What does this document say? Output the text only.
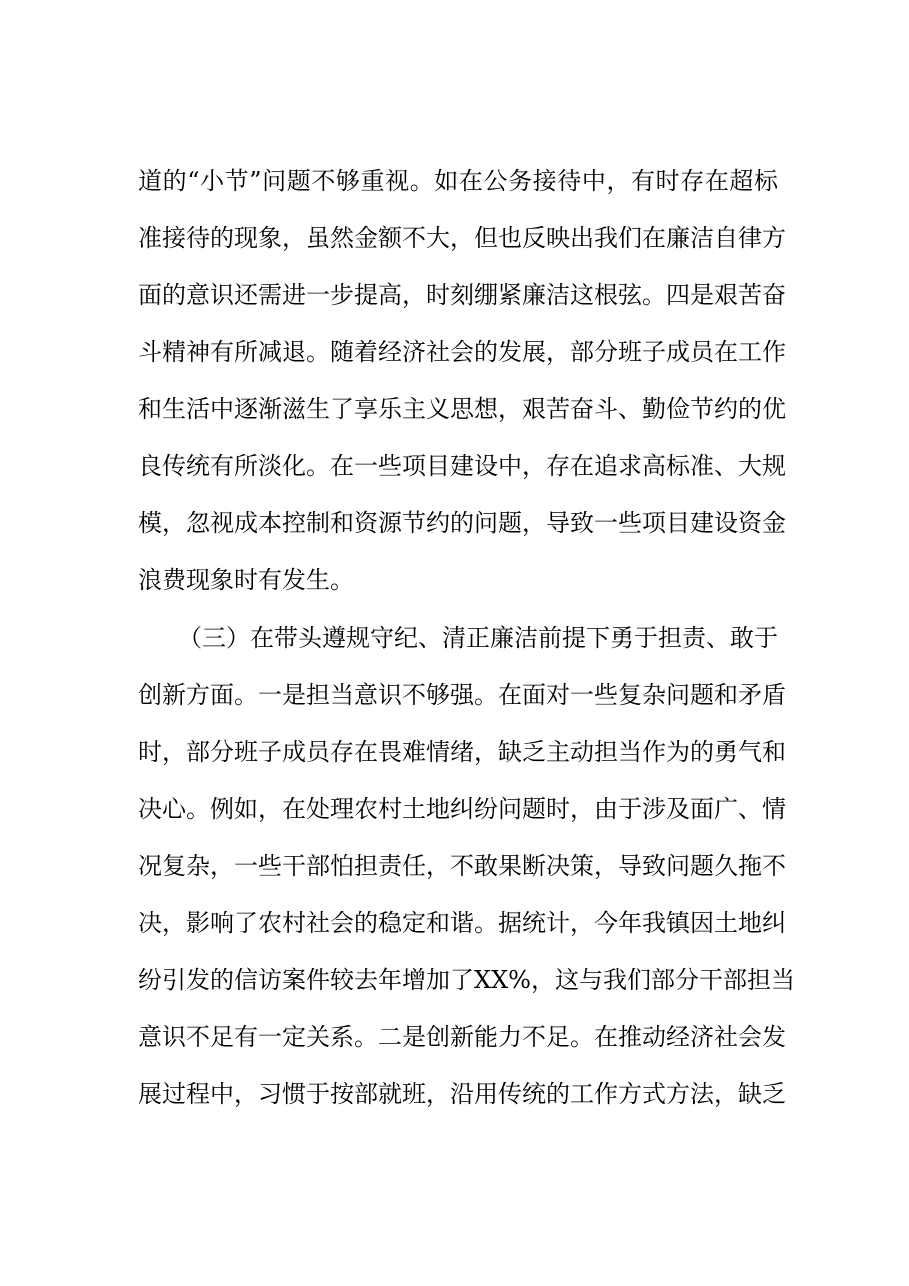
道 的 “ 小 节 ” 问 题 不 够 重 视 。 如 在 公 务 接 待 中 ， 有 时 存 在 超 标
准 接 待 的 现 象 ， 虽 然 金 额 不 大 ， 但 也 反 映 出 我 们 在 廉 洁 自 律 方
面 的 意 识 还 需 进 一 步 提 高 ， 时 刻 绷 紧 廉 洁 这 根 弦 。 四 是 艰 苦 奋
斗 精 神 有 所 减 退 。 随 着 经 济 社 会 的 发 展 ， 部 分 班 子 成 员 在 工 作
和 生 活 中 逐 渐 滋 生 了 享 乐 主 义 思 想 ， 艰 苦 奋 斗 、 勤 俭 节 约 的 优
良 传 统 有 所 淡 化 。 在 一 些 项 目 建 设 中 ， 存 在 追 求 高 标 准 、 大 规
模 ， 忽 视 成 本 控 制 和 资 源 节 约 的 问 题 ， 导 致 一 些 项 目 建 设 资 金
浪费现象时有发生。
（ 三 ） 在 带 头 遵 规 守 纪 、 清 正 廉 洁 前 提 下 勇 于 担 责 、 敢 于
创 新 方 面 。 一 是 担 当 意 识 不 够 强 。 在 面 对 一 些 复 杂 问 题 和 矛 盾
时 ， 部 分 班 子 成 员 存 在 畏 难 情 绪 ， 缺 乏 主 动 担 当 作 为 的 勇 气 和
决 心 。 例 如 ， 在 处 理 农 村 土 地 纠 纷 问 题 时 ， 由 于 涉 及 面 广 、 情
况 复 杂 ， 一 些 干 部 怕 担 责 任 ， 不 敢 果 断 决 策 ， 导 致 问 题 久 拖 不
决 ， 影 响 了 农 村 社 会 的 稳 定 和 谐 。 据 统 计 ， 今 年 我 镇 因 土 地 纠
纷 引 发 的 信 访 案 件 较 去 年 增 加 了 XX% ， 这 与 我 们 部 分 干 部 担 当
意 识 不 足 有 一 定 关 系 。 二 是 创 新 能 力 不 足 。 在 推 动 经 济 社 会 发
展 过 程 中 ， 习 惯 于 按 部 就 班 ， 沿 用 传 统 的 工 作 方 式 方 法 ， 缺 乏
